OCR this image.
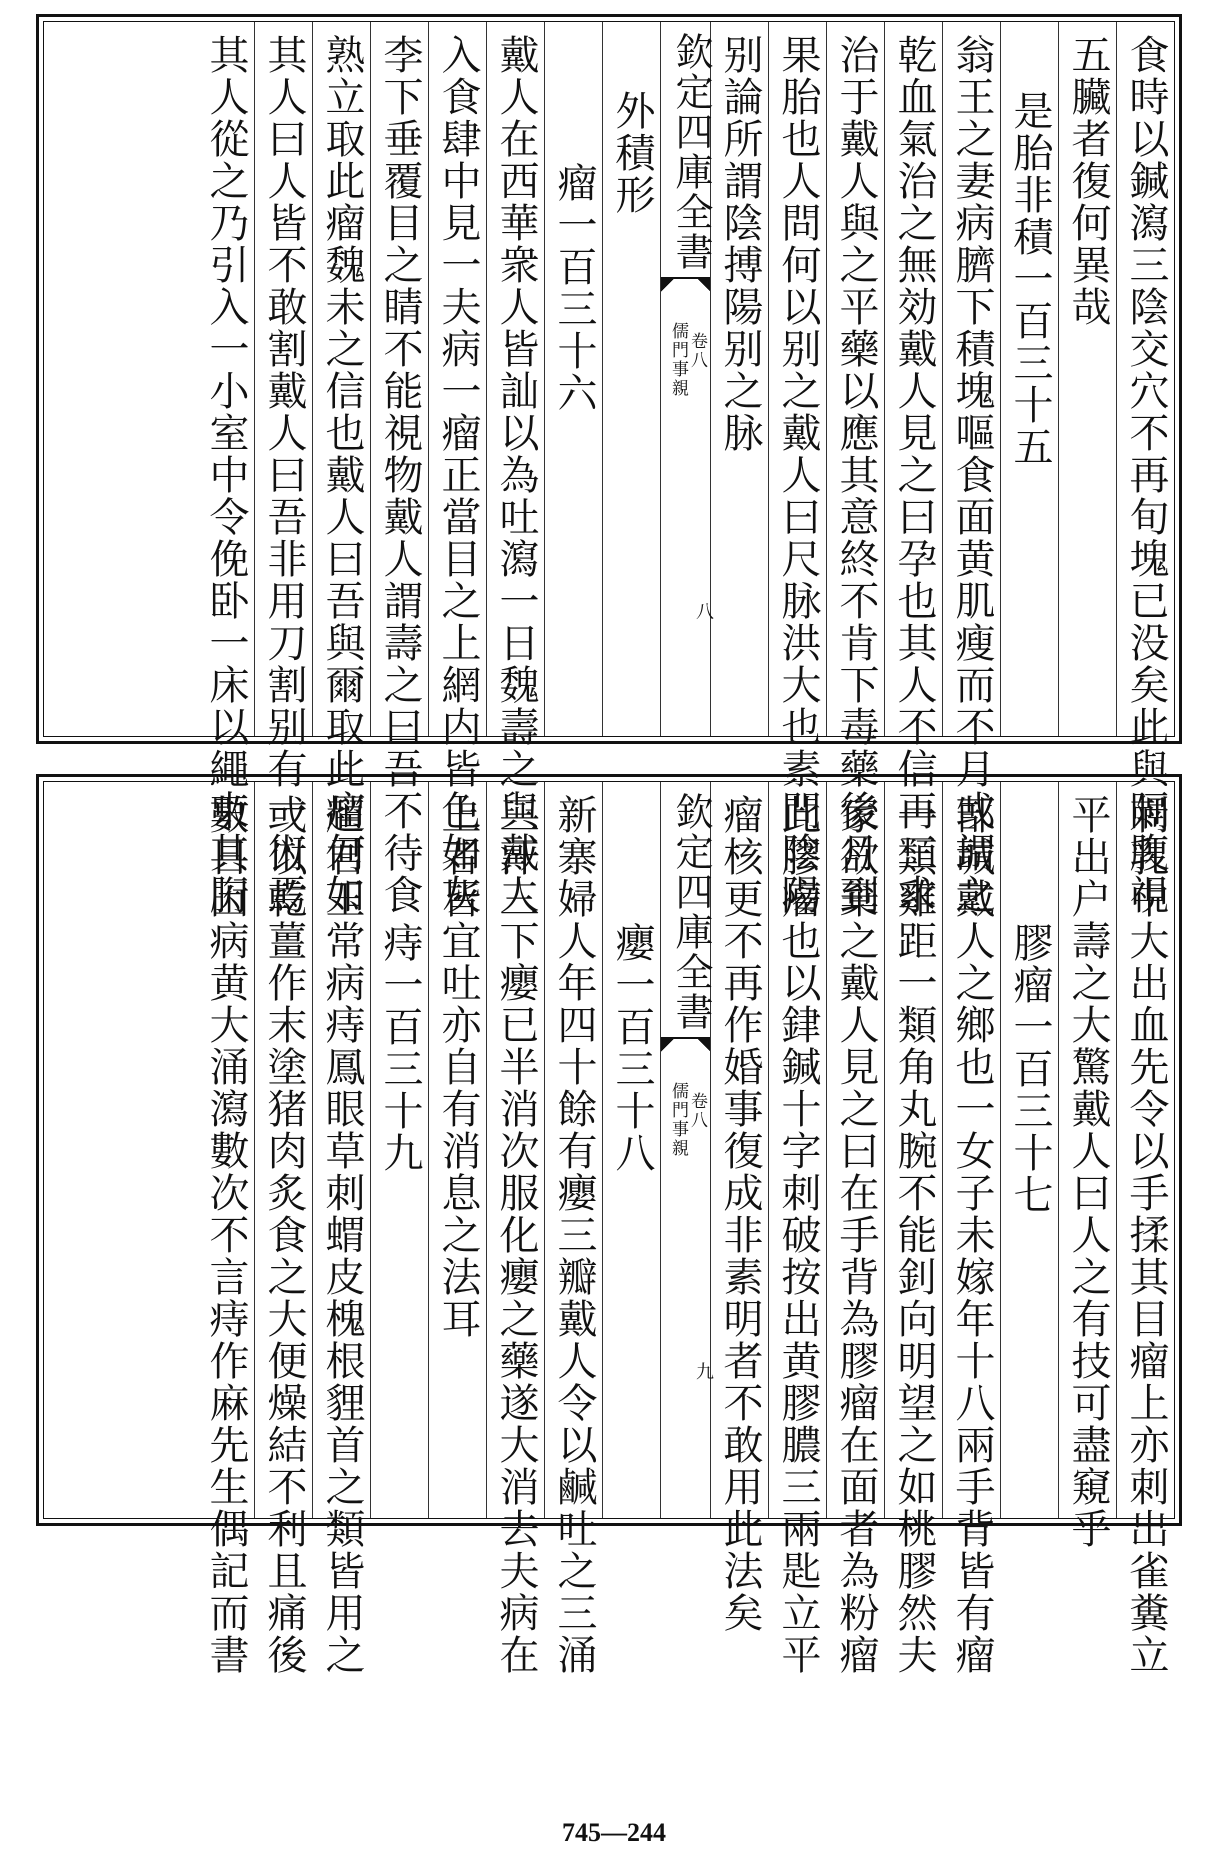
食時以鍼瀉三陰交穴不再旬塊已没矣此與隔腹視
五臟者復何異哉
是胎非積一百三十五
翁王之妻病臍下積塊嘔食面黄肌瘦而不月或謂之
乾血氣治之無効戴人見之曰孕也其人不信再三求
治于戴人與之平藥以應其意終不肯下毒藥後月到
果胎也人問何以别之戴人曰尺脉洪大也素問陰陽
别論所謂陰搏陽别之脉
欽定四庫全書
儒門事親 卷八
八
外積形
瘤一百三十六
戴人在西華衆人皆訕以為吐瀉一日魏壽之與戴人
入食肆中見一夫病一瘤正當目之上網内皆色如灰
李下垂覆目之睛不能視物戴人謂壽之曰吾不待食
熟立取此瘤魏未之信也戴人曰吾與爾取此瘤何如
其人曰人皆不敢割戴人曰吾非用刀割别有一術焉
其人從之乃引入一小室中令俛卧一床以繩束其胻
刺乳中大出血先令以手揉其目瘤上亦刺出雀糞立
平出户壽之大驚戴人曰人之有技可盡窺乎
膠瘤一百三十七
郜城戴人之鄉也一女子未嫁年十八兩手背皆有瘤
一類雞距一類角丸腕不能釗向明望之如桃膠然夫
家欲棄之戴人見之曰在手背為膠瘤在面者為粉瘤
此膠瘤也以銉鍼十字刺破按出黄膠膿三兩匙立平
瘤核更不再作婚事復成非素明者不敢用此法矣
欽定四庫全書
儒門事親 卷八
九
癭一百三十八
新寨婦人年四十餘有癭三瓣戴人令以鹹吐之三涌
三汗三下癭已半消次服化癭之藥遂大消去夫病在
上者皆宜吐亦自有消息之法耳
痔一百三十九
趙君玉常病痔鳳眼草刺蝟皮槐根貍首之類皆用之
或以乾薑作末塗猪肉炙食之大便燥結不利且痛後
數日因病黄大涌瀉數次不言痔作麻先生偶記而書
745—244
